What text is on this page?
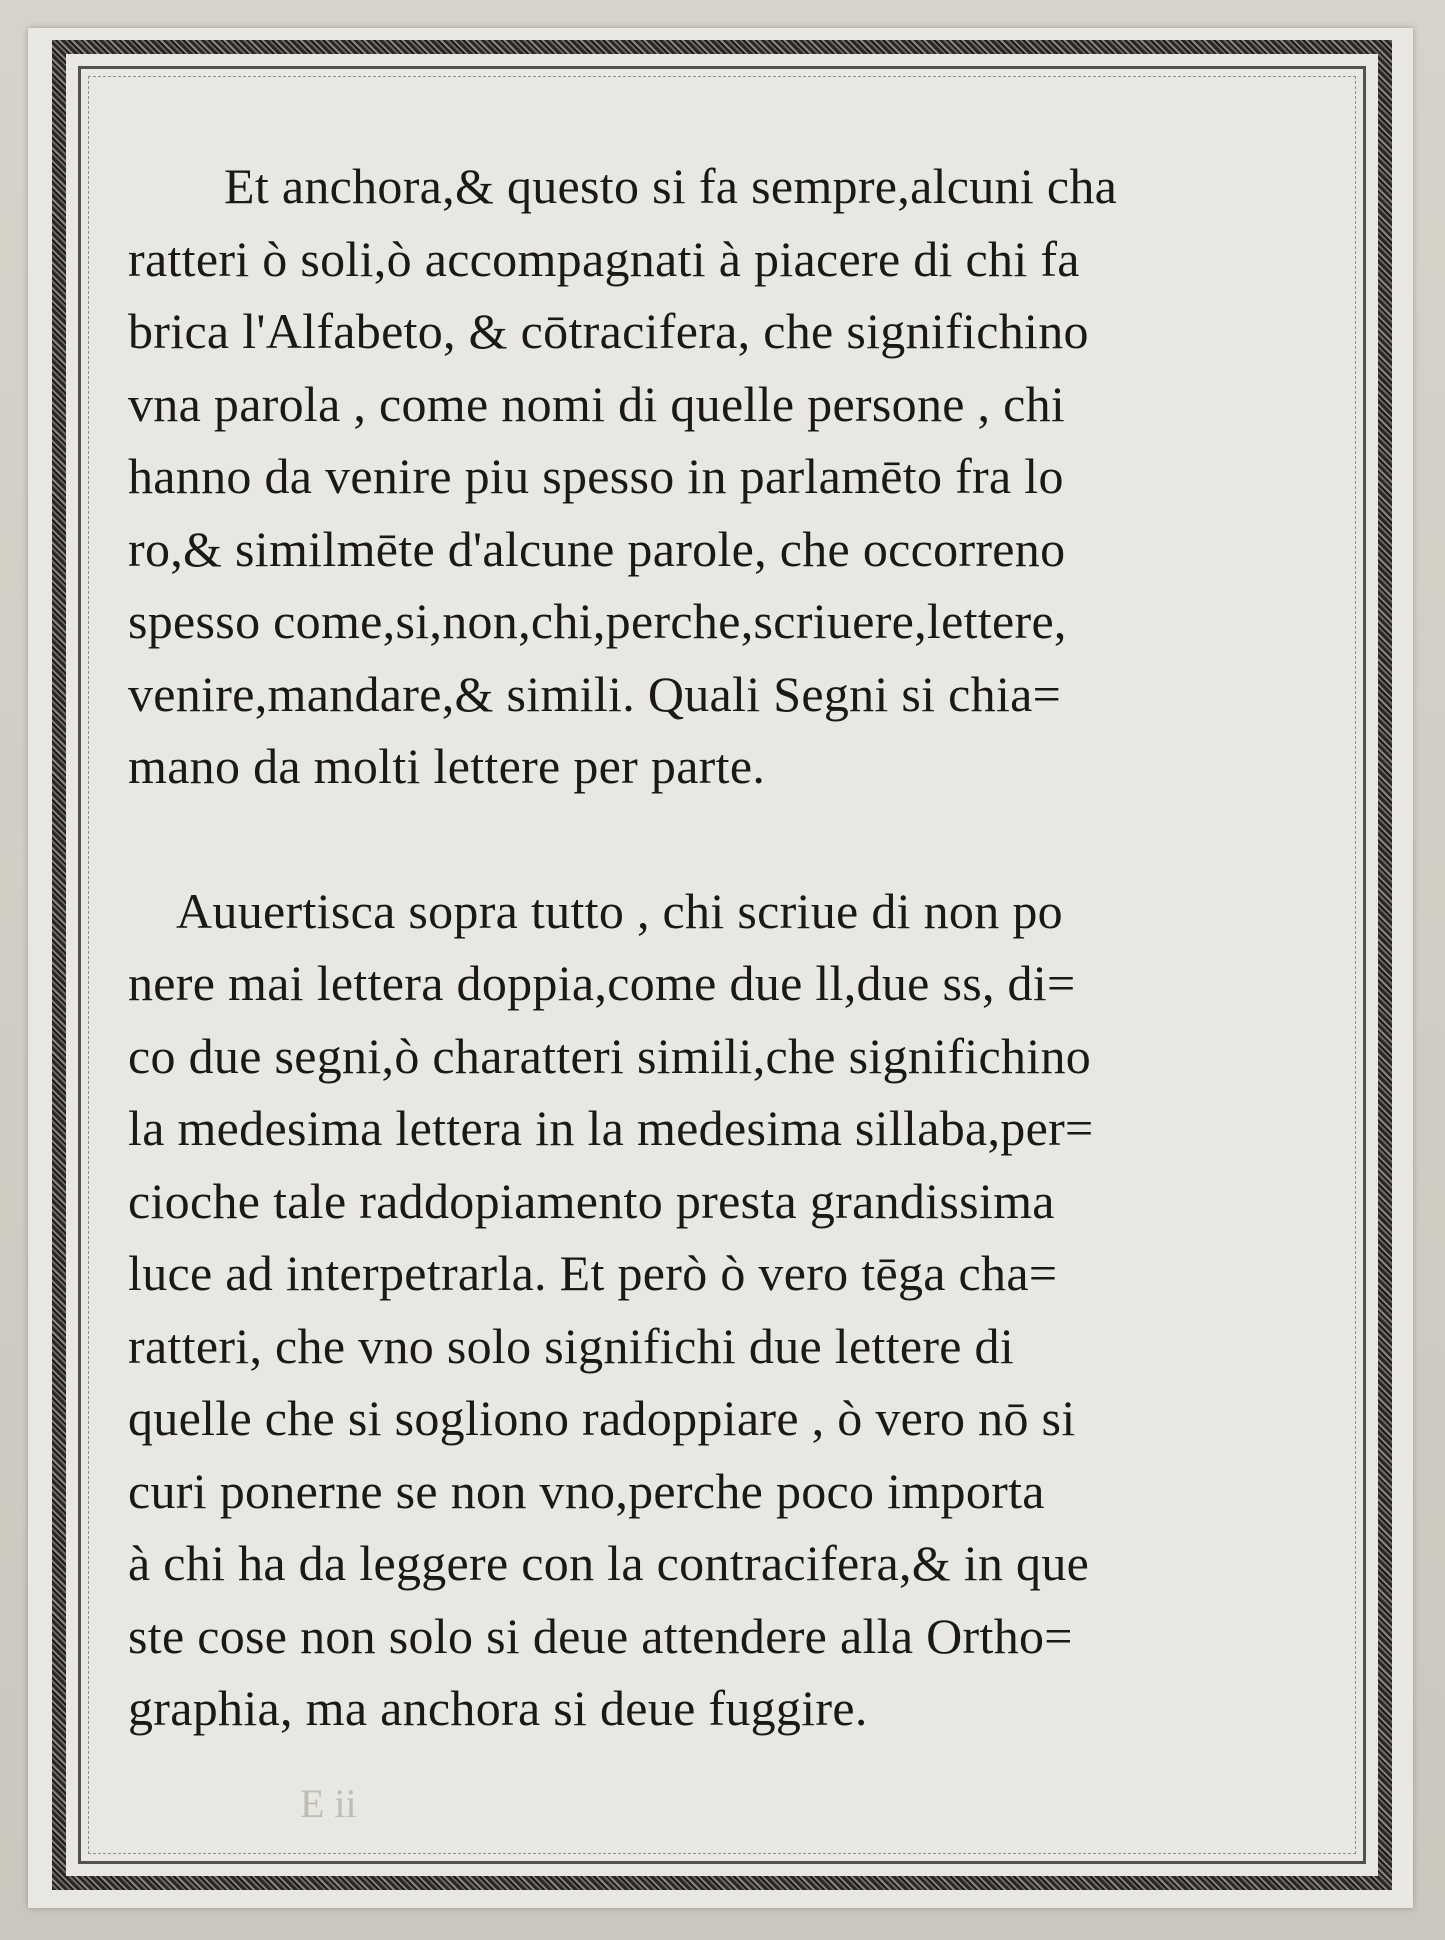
Et anchora,& questo si fa sempre,alcuni cha
ratteri ò soli,ò accompagnati à piacere di chi fa
brica l'Alfabeto, & cōtracifera, che significhino
vna parola , come nomi di quelle persone , chi
hanno da venire piu spesso in parlamēto fra lo
ro,& similmēte d'alcune parole, che occorreno
spesso come,si,non,chi,perche,scriuere,lettere,
venire,mandare,& simili. Quali Segni si chia=
mano da molti lettere per parte.
Auuertisca sopra tutto , chi scriue di non po
nere mai lettera doppia,come due ll,due ss, di=
co due segni,ò charatteri simili,che significhino
la medesima lettera in la medesima sillaba,per=
cioche tale raddopiamento presta grandissima
luce ad interpetrarla. Et però ò vero tēga cha=
ratteri, che vno solo significhi due lettere di
quelle che si sogliono radoppiare , ò vero nō si
curi ponerne se non vno,perche poco importa
à chi ha da leggere con la contracifera,& in que
ste cose non solo si deue attendere alla Ortho=
graphia, ma anchora si deue fuggire.
E ii
